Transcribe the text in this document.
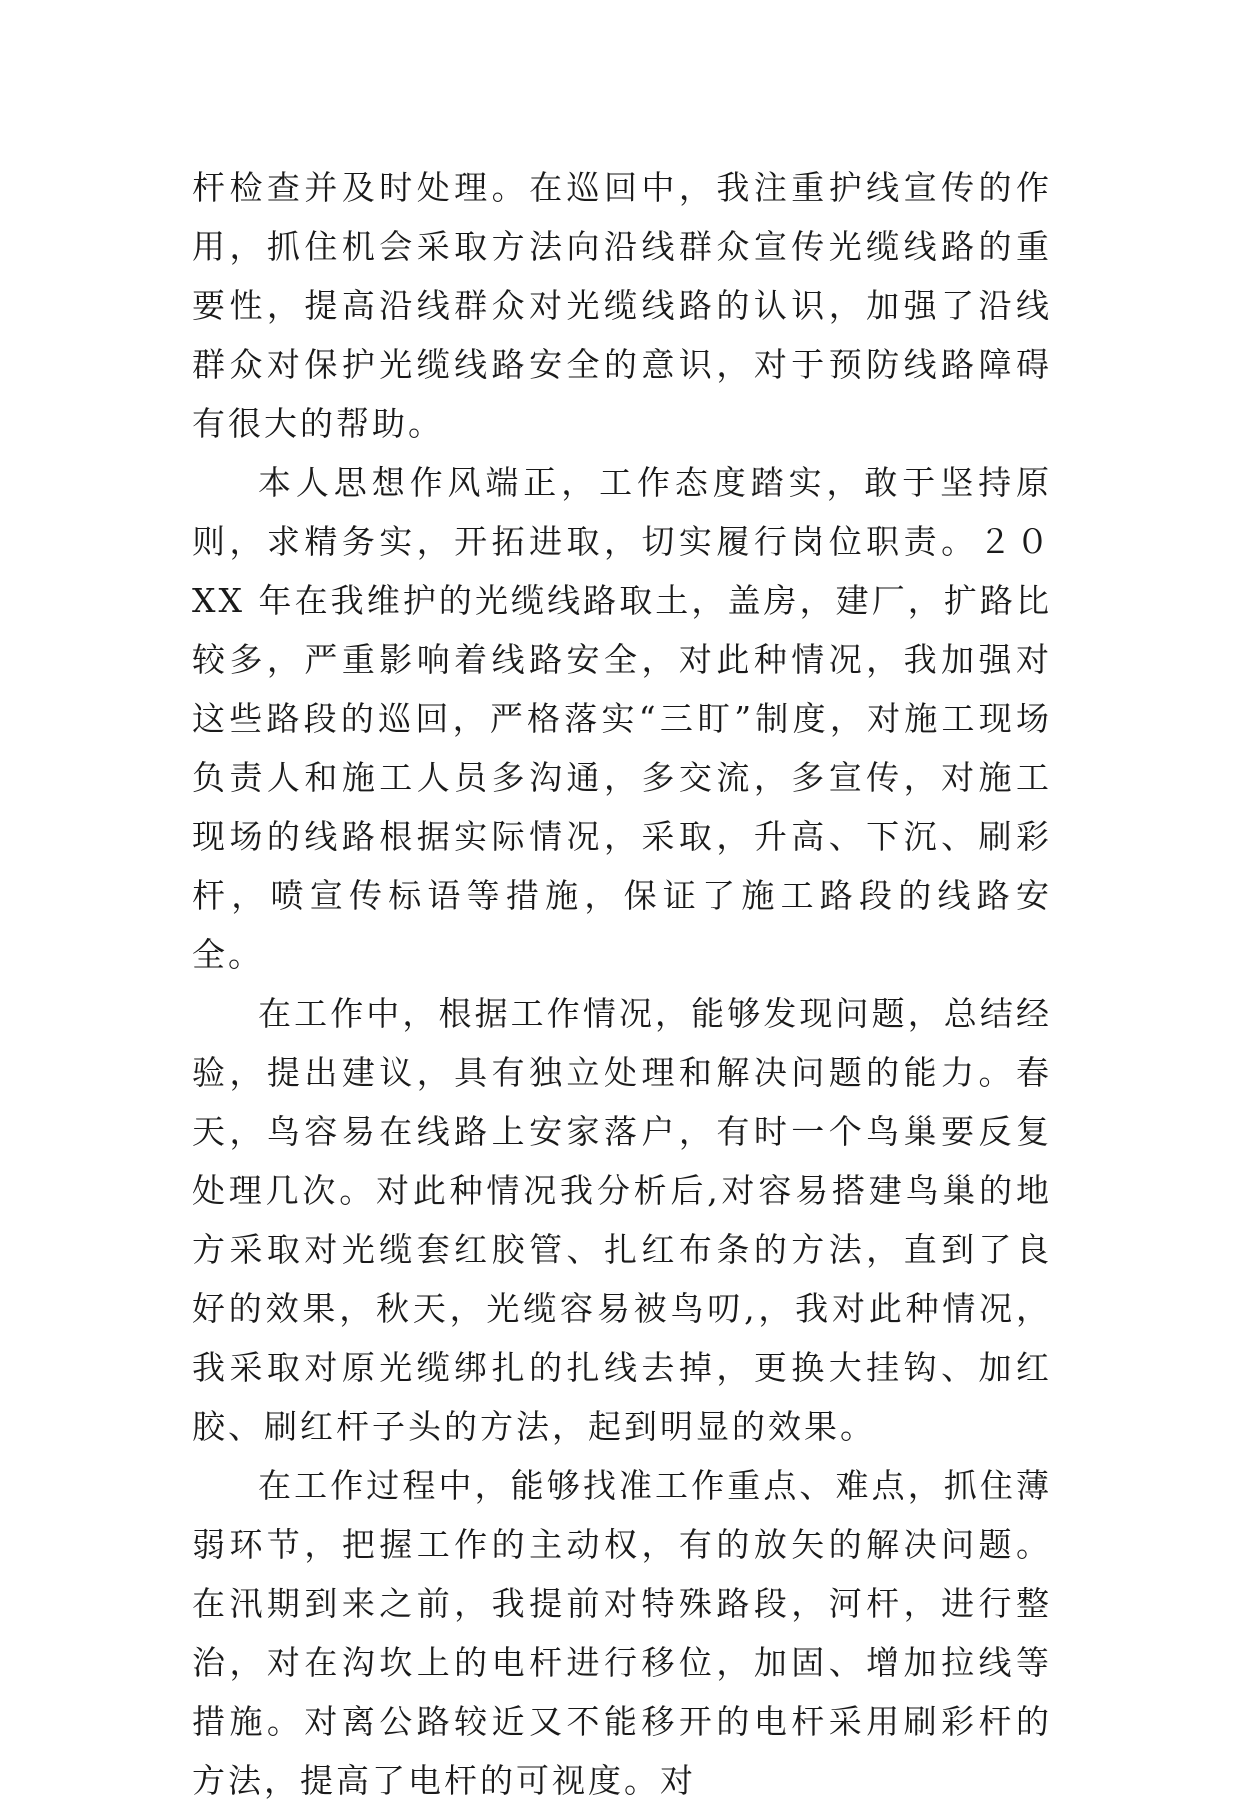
杆检查并及时处理。在巡回中，我注重护线宣传的作用，抓住机会采取方法向沿线群众宣传光缆线路的重要性，提高沿线群众对光缆线路的认识，加强了沿线群众对保护光缆线路安全的意识，对于预防线路障碍有很大的帮助。

本人思想作风端正，工作态度踏实，敢于坚持原则，求精务实，开拓进取，切实履行岗位职责。２０XX 年在我维护的光缆线路取土，盖房，建厂，扩路比较多，严重影响着线路安全，对此种情况，我加强对这些路段的巡回，严格落实“三盯”制度，对施工现场负责人和施工人员多沟通，多交流，多宣传，对施工现场的线路根据实际情况，采取，升高、下沉、刷彩杆，喷宣传标语等措施，保证了施工路段的线路安全。

在工作中，根据工作情况，能够发现问题，总结经验，提出建议，具有独立处理和解决问题的能力。春天，鸟容易在线路上安家落户，有时一个鸟巢要反复处理几次。对此种情况我分析后,对容易搭建鸟巢的地方采取对光缆套红胶管、扎红布条的方法，直到了良好的效果，秋天，光缆容易被鸟叨,，我对此种情况，我采取对原光缆绑扎的扎线去掉，更换大挂钩、加红胶、刷红杆子头的方法，起到明显的效果。

在工作过程中，能够找准工作重点、难点，抓住薄弱环节，把握工作的主动权，有的放矢的解决问题。在汛期到来之前，我提前对特殊路段，河杆，进行整治，对在沟坎上的电杆进行移位，加固、增加拉线等措施。对离公路较近又不能移开的电杆采用刷彩杆的方法，提高了电杆的可视度。对
